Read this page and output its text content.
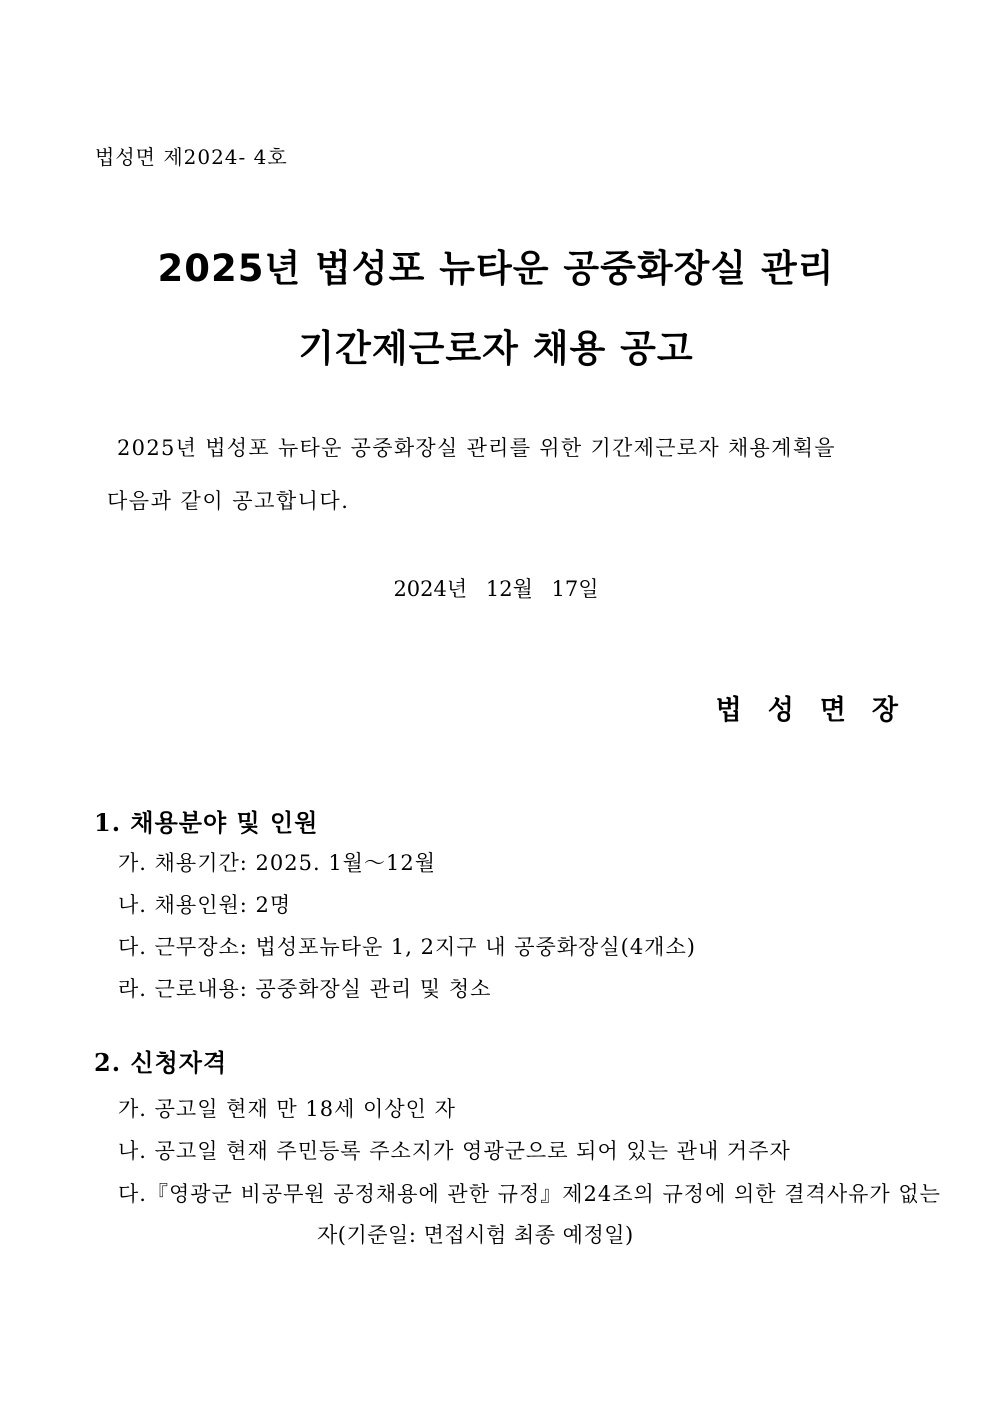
법성면 제2024- 4호
2025년 법성포 뉴타운 공중화장실 관리
기간제근로자 채용 공고
2025년 법성포 뉴타운 공중화장실 관리를 위한 기간제근로자 채용계획을
다음과 같이 공고합니다.
2024년 12월 17일
법성면장
1. 채용분야 및 인원
가. 채용기간: 2025. 1월～12월
나. 채용인원: 2명
다. 근무장소: 법성포뉴타운 1, 2지구 내 공중화장실(4개소)
라. 근로내용: 공중화장실 관리 및 청소
2. 신청자격
가. 공고일 현재 만 18세 이상인 자
나. 공고일 현재 주민등록 주소지가 영광군으로 되어 있는 관내 거주자
다.『영광군 비공무원 공정채용에 관한 규정』제24조의 규정에 의한 결격사유가 없는
자(기준일: 면접시험 최종 예정일)
